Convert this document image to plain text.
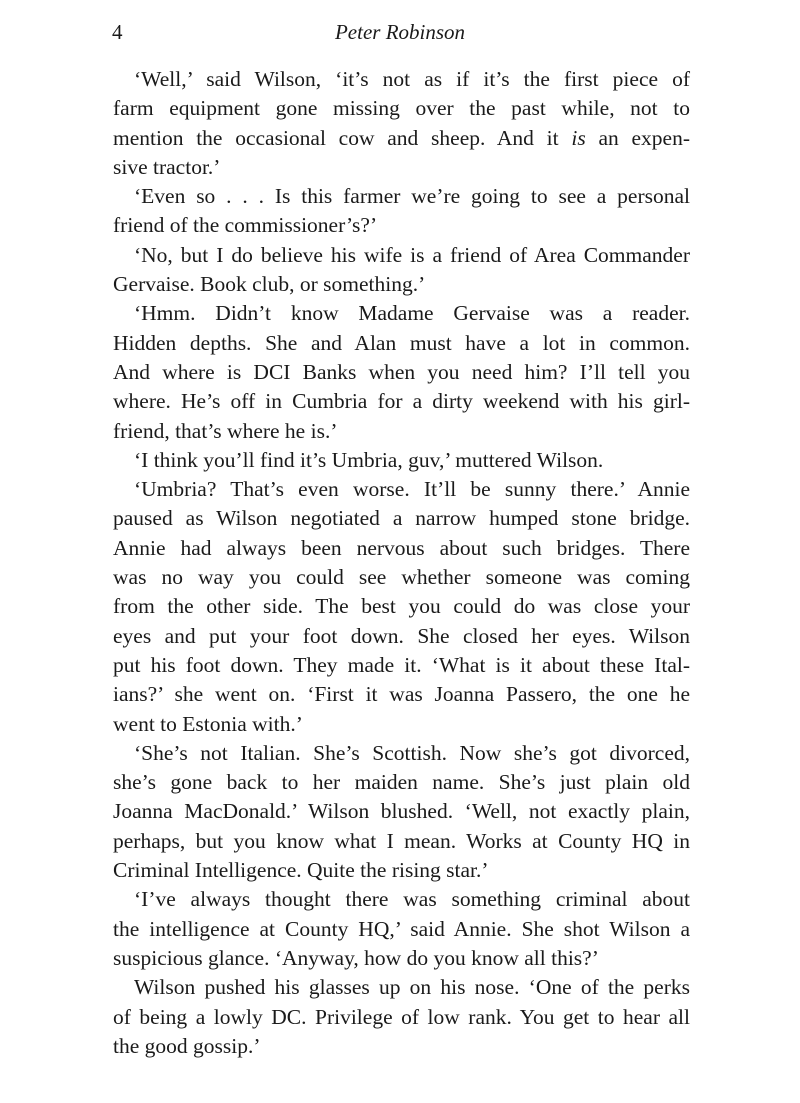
4	Peter Robinson
‘Well,’ said Wilson, ‘it’s not as if it’s the first piece of
farm equipment gone missing over the past while, not to
mention the occasional cow and sheep. And it is an expen-
sive tractor.’
‘Even so . . . Is this farmer we’re going to see a personal
friend of the commissioner’s?’
‘No, but I do believe his wife is a friend of Area Commander
Gervaise. Book club, or something.’
‘Hmm. Didn’t know Madame Gervaise was a reader.
Hidden depths. She and Alan must have a lot in common.
And where is DCI Banks when you need him? I’ll tell you
where. He’s off in Cumbria for a dirty weekend with his girl-
friend, that’s where he is.’
‘I think you’ll find it’s Umbria, guv,’ muttered Wilson.
‘Umbria? That’s even worse. It’ll be sunny there.’ Annie
paused as Wilson negotiated a narrow humped stone bridge.
Annie had always been nervous about such bridges. There
was no way you could see whether someone was coming
from the other side. The best you could do was close your
eyes and put your foot down. She closed her eyes. Wilson
put his foot down. They made it. ‘What is it about these Ital-
ians?’ she went on. ‘First it was Joanna Passero, the one he
went to Estonia with.’
‘She’s not Italian. She’s Scottish. Now she’s got divorced,
she’s gone back to her maiden name. She’s just plain old
Joanna MacDonald.’ Wilson blushed. ‘Well, not exactly plain,
perhaps, but you know what I mean. Works at County HQ in
Criminal Intelligence. Quite the rising star.’
‘I’ve always thought there was something criminal about
the intelligence at County HQ,’ said Annie. She shot Wilson a
suspicious glance. ‘Anyway, how do you know all this?’
Wilson pushed his glasses up on his nose. ‘One of the perks
of being a lowly DC. Privilege of low rank. You get to hear all
the good gossip.’
